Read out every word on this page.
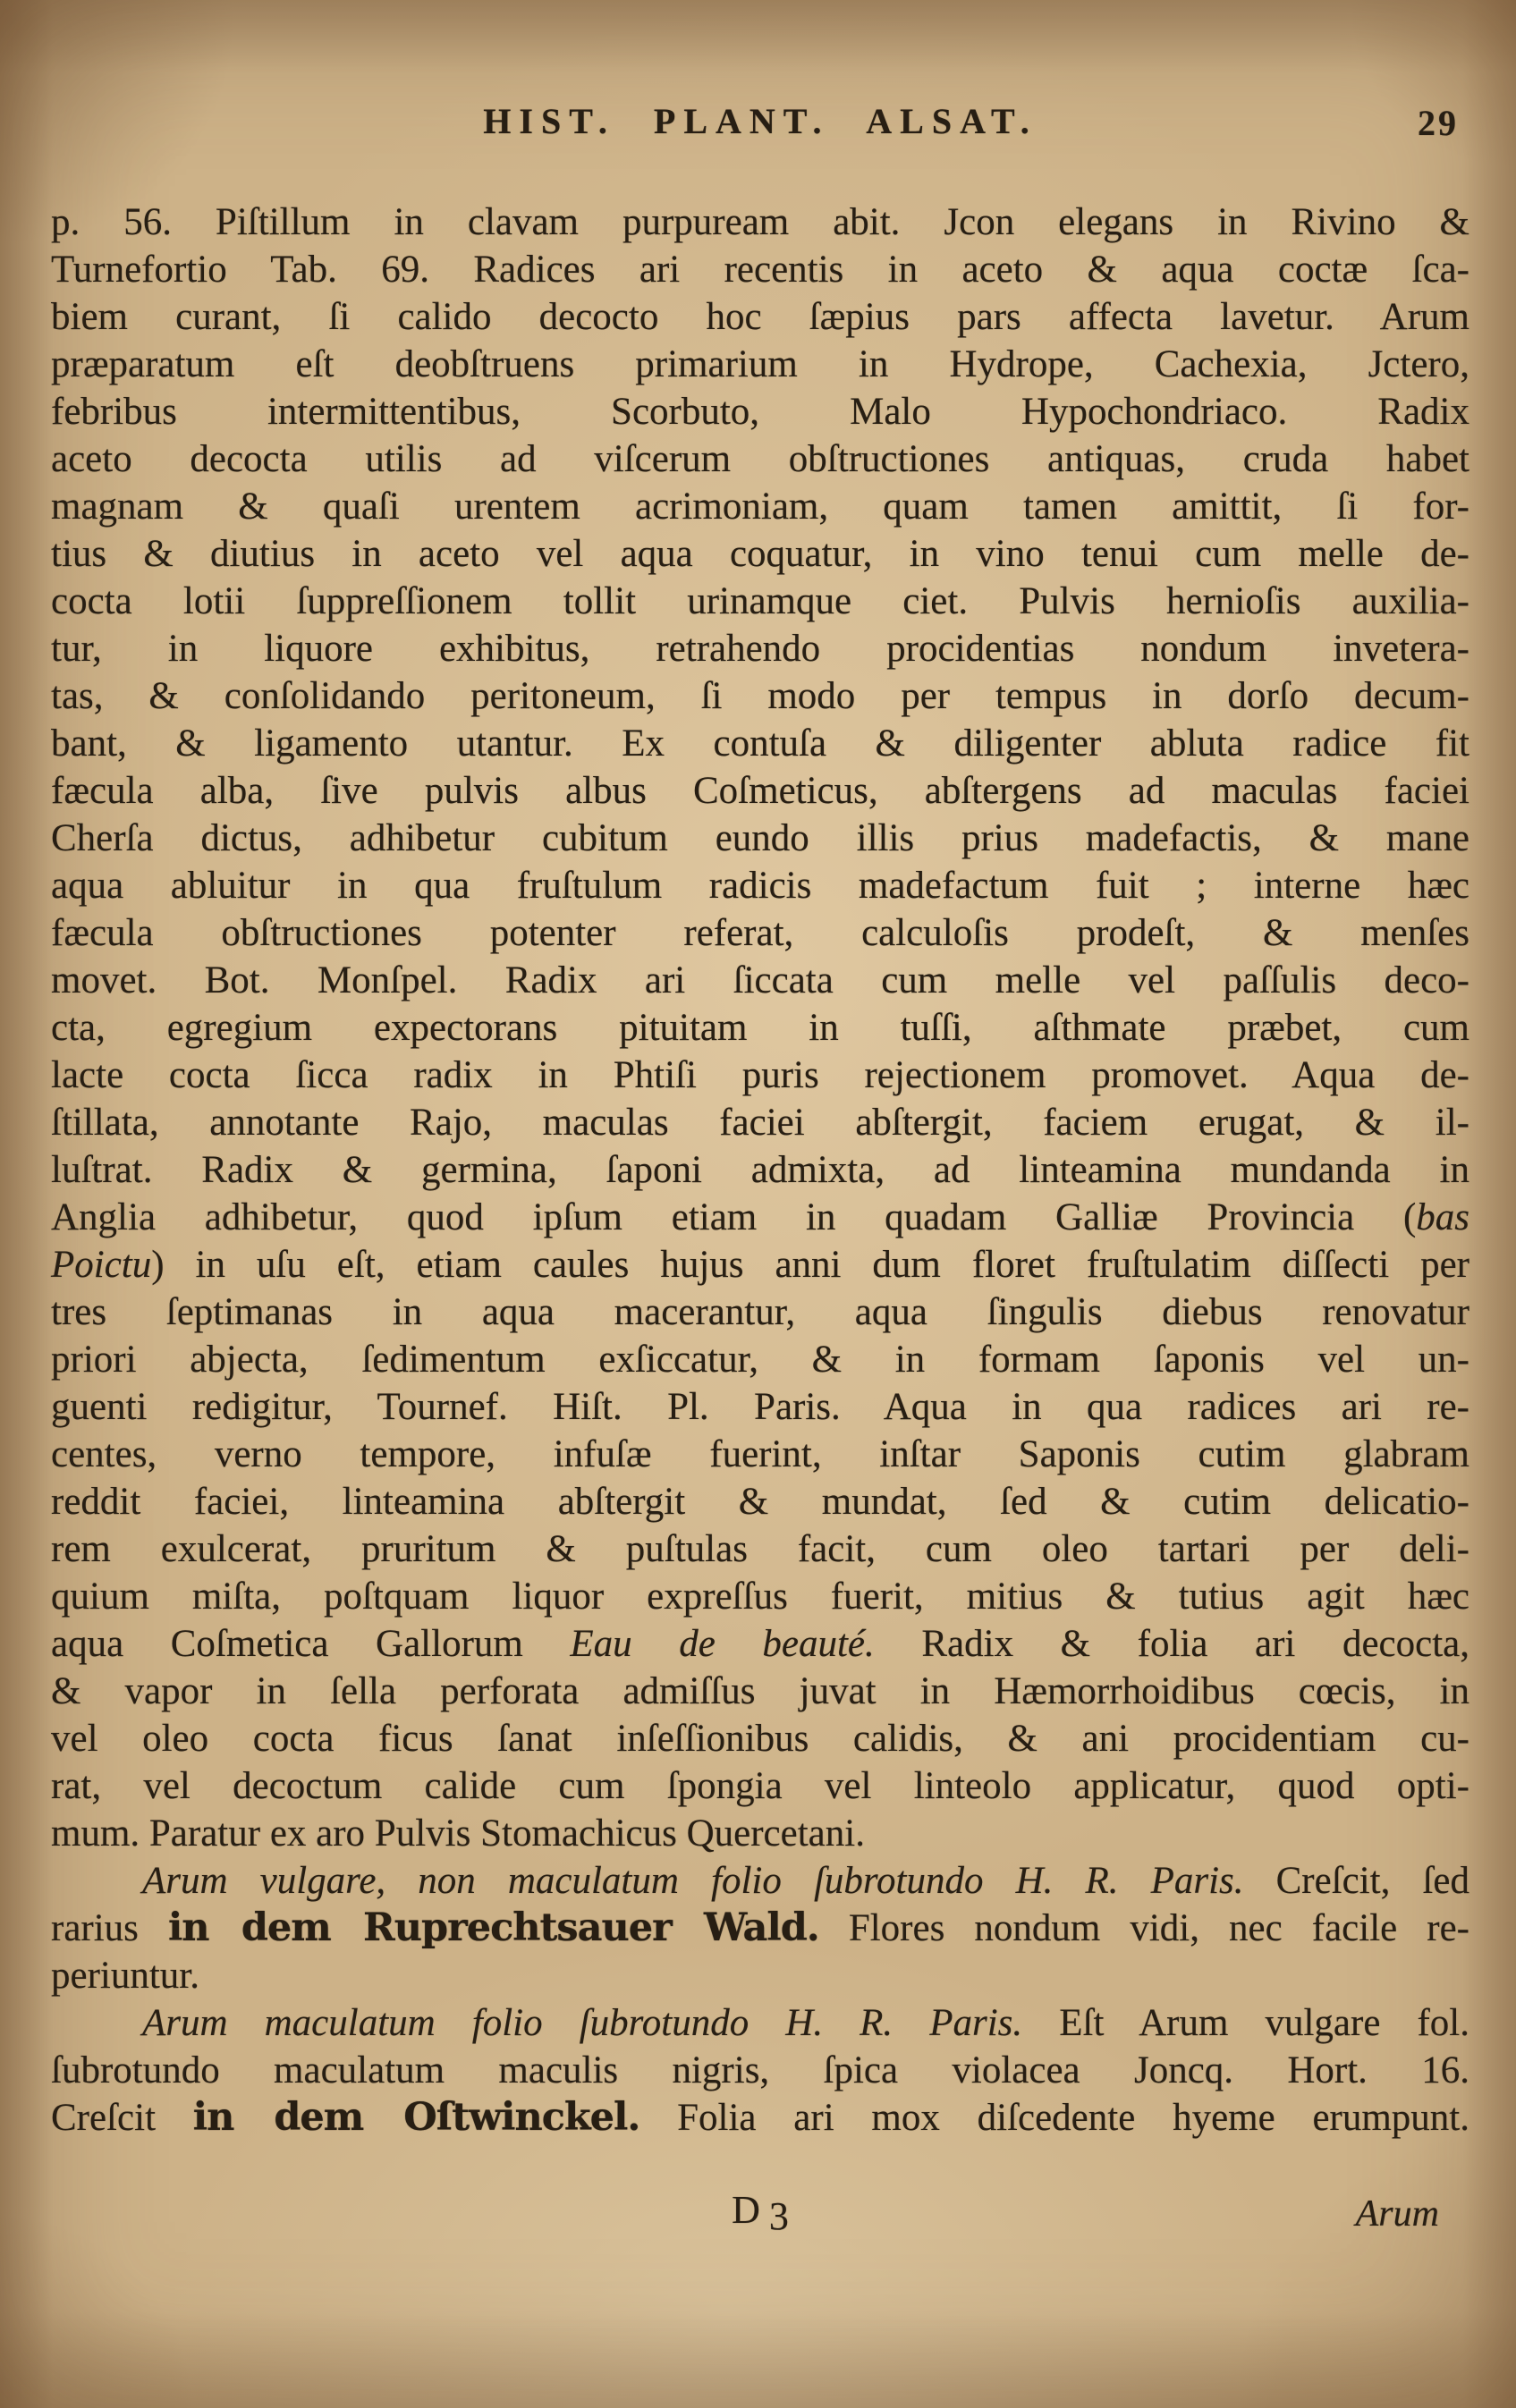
HIST. PLANT. ALSAT.	29
p. 56. Piſtillum in clavam purpuream abit. Jcon elegans in Rivino &
Turnefortio Tab. 69. Radices ari recentis in aceto & aqua coctæ ſca-
biem curant, ſi calido decocto hoc ſæpius pars affecta lavetur. Arum
præparatum eſt deobſtruens primarium in Hydrope, Cachexia, Jctero,
febribus intermittentibus, Scorbuto, Malo Hypochondriaco. Radix
aceto decocta utilis ad viſcerum obſtructiones antiquas, cruda habet
magnam & quaſi urentem acrimoniam, quam tamen amittit, ſi for-
tius & diutius in aceto vel aqua coquatur, in vino tenui cum melle de-
cocta lotii ſuppreſſionem tollit urinamque ciet. Pulvis hernioſis auxilia-
tur, in liquore exhibitus, retrahendo procidentias nondum invetera-
tas, & conſolidando peritoneum, ſi modo per tempus in dorſo decum-
bant, & ligamento utantur. Ex contuſa & diligenter abluta radice fit
fæcula alba, ſive pulvis albus Coſmeticus, abſtergens ad maculas faciei
Cherſa dictus, adhibetur cubitum eundo illis prius madefactis, & mane
aqua abluitur in qua fruſtulum radicis madefactum fuit ; interne hæc
fæcula obſtructiones potenter referat, calculoſis prodeſt, & menſes
movet. Bot. Monſpel. Radix ari ſiccata cum melle vel paſſulis deco-
cta, egregium expectorans pituitam in tuſſi, aſthmate præbet, cum
lacte cocta ſicca radix in Phtiſi puris rejectionem promovet. Aqua de-
ſtillata, annotante Rajo, maculas faciei abſtergit, faciem erugat, & il-
luſtrat. Radix & germina, ſaponi admixta, ad linteamina mundanda in
Anglia adhibetur, quod ipſum etiam in quadam Galliæ Provincia (bas
Poictu) in uſu eſt, etiam caules hujus anni dum floret fruſtulatim diſſecti per
tres ſeptimanas in aqua macerantur, aqua ſingulis diebus renovatur
priori abjecta, ſedimentum exſiccatur, & in formam ſaponis vel un-
guenti redigitur, Tournef. Hiſt. Pl. Paris. Aqua in qua radices ari re-
centes, verno tempore, infuſæ fuerint, inſtar Saponis cutim glabram
reddit faciei, linteamina abſtergit & mundat, ſed & cutim delicatio-
rem exulcerat, pruritum & puſtulas facit, cum oleo tartari per deli-
quium miſta, poſtquam liquor expreſſus fuerit, mitius & tutius agit hæc
aqua Coſmetica Gallorum Eau de beauté. Radix & folia ari decocta,
& vapor in ſella perforata admiſſus juvat in Hæmorrhoidibus cœcis, in
vel oleo cocta ficus ſanat inſeſſionibus calidis, & ani procidentiam cu-
rat, vel decoctum calide cum ſpongia vel linteolo applicatur, quod opti-
mum. Paratur ex aro Pulvis Stomachicus Quercetani.
Arum vulgare, non maculatum folio ſubrotundo H. R. Paris. Creſcit, ſed
rarius in dem Ruprechtsauer Wald. Flores nondum vidi, nec facile re-
periuntur.
Arum maculatum folio ſubrotundo H. R. Paris. Eſt Arum vulgare fol.
ſubrotundo maculatum maculis nigris, ſpica violacea Joncq. Hort. 16.
Creſcit in dem Oſtwinckel. Folia ari mox diſcedente hyeme erumpunt.
D 3	Arum
